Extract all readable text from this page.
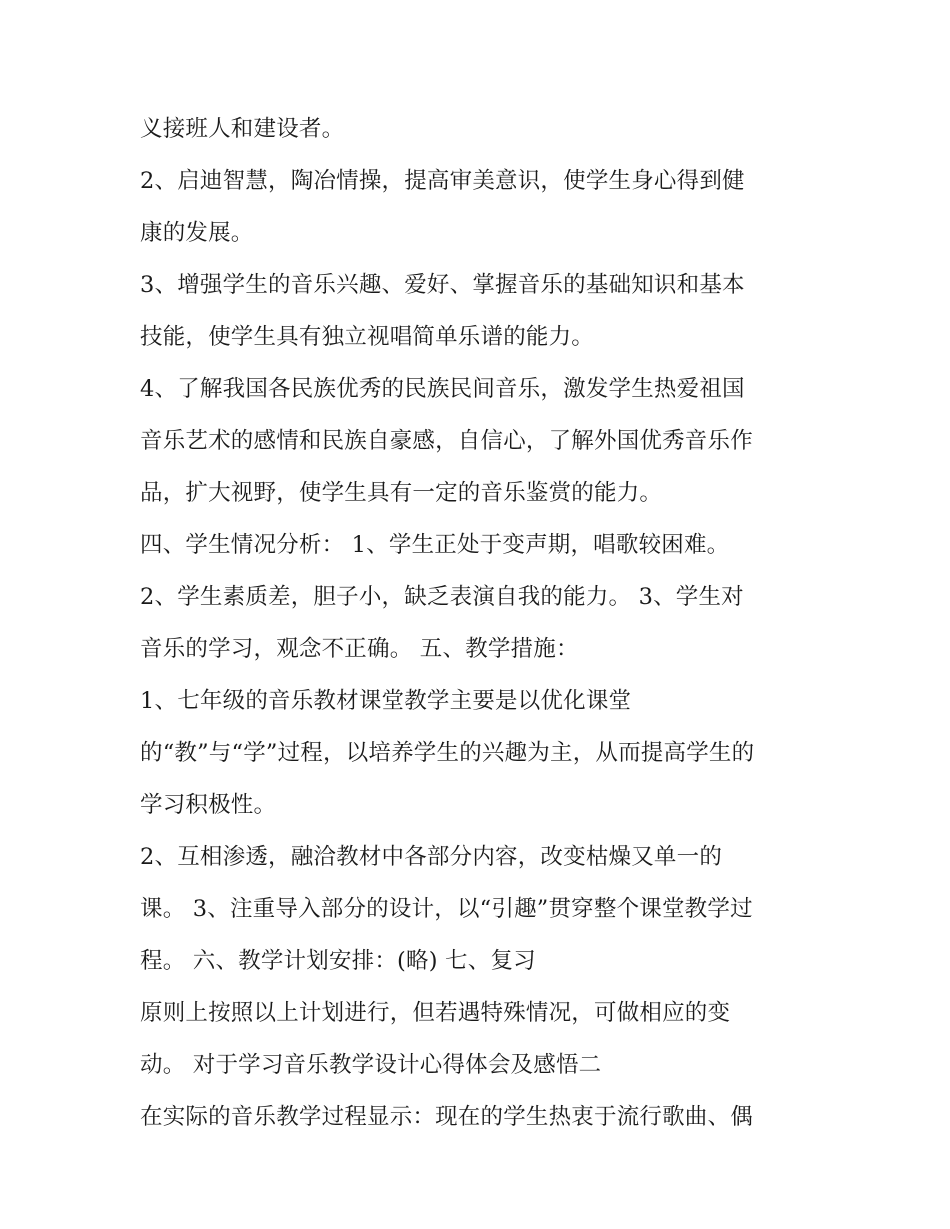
义接班人和建设者。
2、启迪智慧，陶冶情操，提高审美意识，使学生身心得到健
康的发展。
3、增强学生的音乐兴趣、爱好、掌握音乐的基础知识和基本
技能，使学生具有独立视唱简单乐谱的能力。
4、了解我国各民族优秀的民族民间音乐，激发学生热爱祖国
音乐艺术的感情和民族自豪感，自信心，了解外国优秀音乐作
品，扩大视野，使学生具有一定的音乐鉴赏的能力。
四、学生情况分析： 1、学生正处于变声期，唱歌较困难。
2、学生素质差，胆子小，缺乏表演自我的能力。 3、学生对
音乐的学习，观念不正确。 五、教学措施：
1、七年级的音乐教材课堂教学主要是以优化课堂
的“教”与“学”过程，以培养学生的兴趣为主，从而提高学生的
学习积极性。
2、互相渗透，融洽教材中各部分内容，改变枯燥又单一的
课。 3、注重导入部分的设计，以“引趣”贯穿整个课堂教学过
程。 六、教学计划安排：(略) 七、复习
原则上按照以上计划进行，但若遇特殊情况，可做相应的变
动。 对于学习音乐教学设计心得体会及感悟二
在实际的音乐教学过程显示：现在的学生热衷于流行歌曲、偶
